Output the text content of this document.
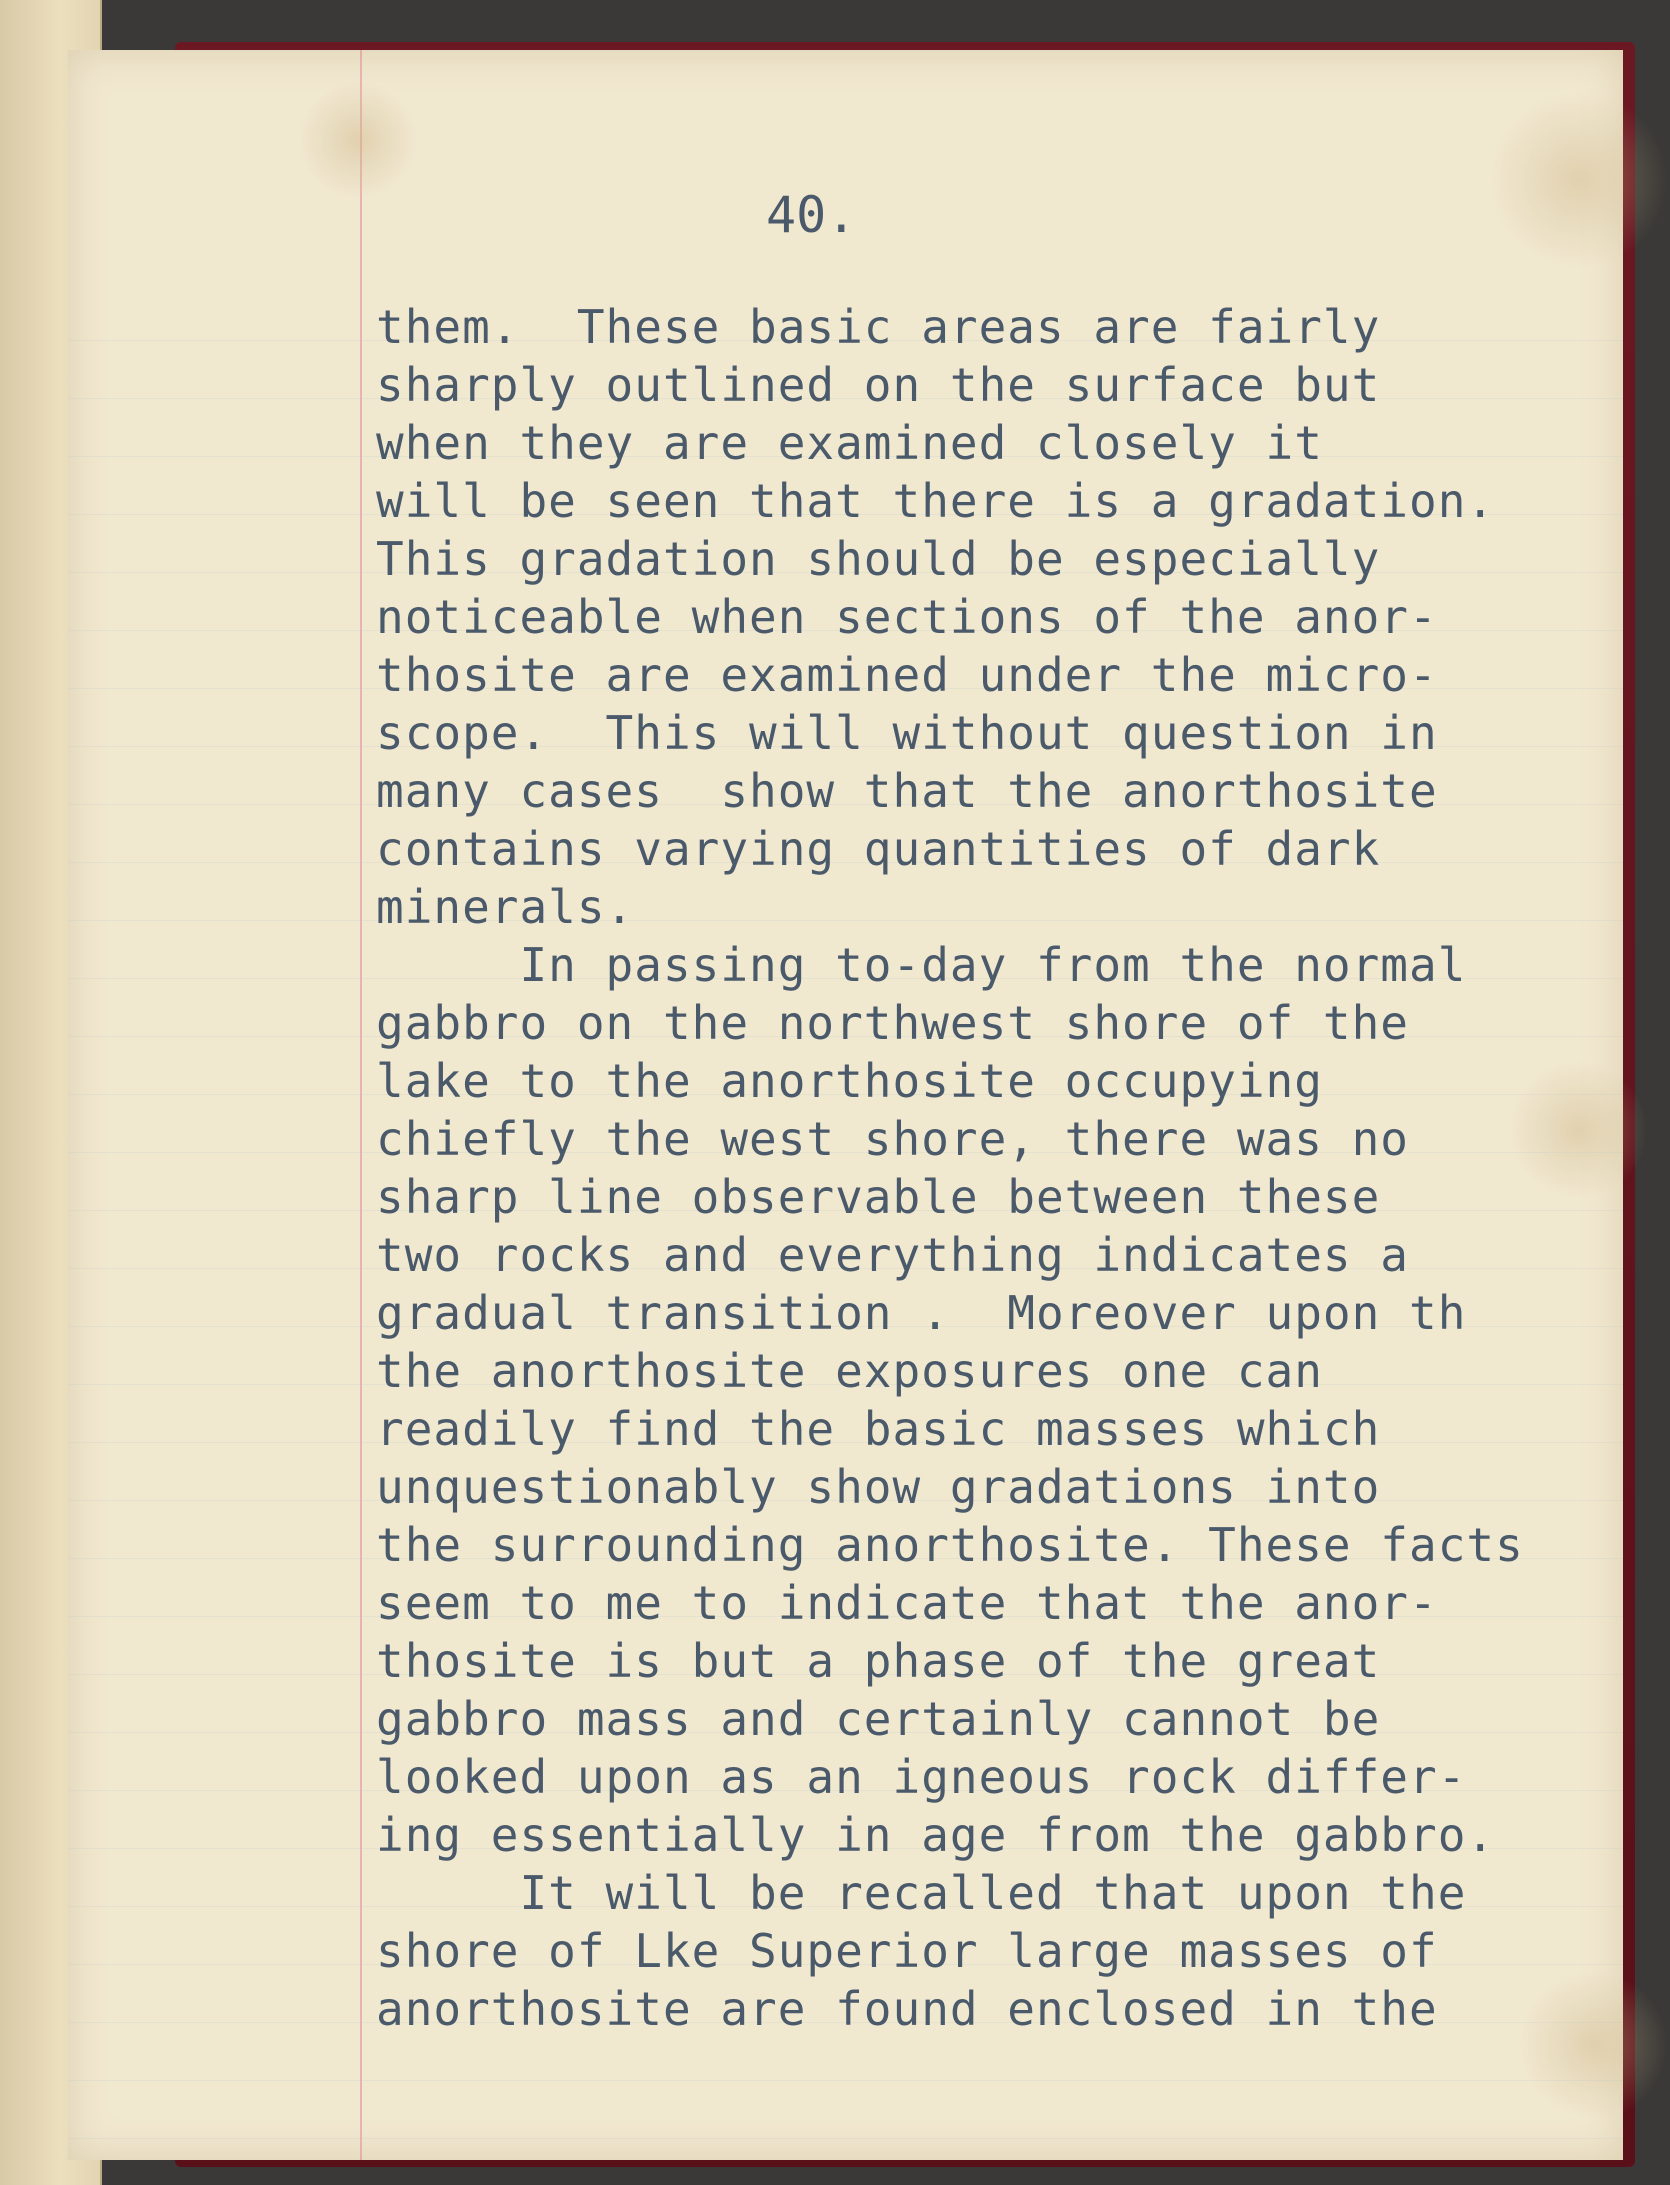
40.
them.  These basic areas are fairly
sharply outlined on the surface but
when they are examined closely it
will be seen that there is a gradation.
This gradation should be especially
noticeable when sections of the anor-
thosite are examined under the micro-
scope.  This will without question in
many cases  show that the anorthosite
contains varying quantities of dark
minerals.
In passing to-day from the normal
gabbro on the northwest shore of the
lake to the anorthosite occupying
chiefly the west shore, there was no
sharp line observable between these
two rocks and everything indicates a
gradual transition .  Moreover upon th
the anorthosite exposures one can
readily find the basic masses which
unquestionably show gradations into
the surrounding anorthosite. These facts
seem to me to indicate that the anor-
thosite is but a phase of the great
gabbro mass and certainly cannot be
looked upon as an igneous rock differ-
ing essentially in age from the gabbro.
It will be recalled that upon the
shore of Lke Superior large masses of
anorthosite are found enclosed in the
